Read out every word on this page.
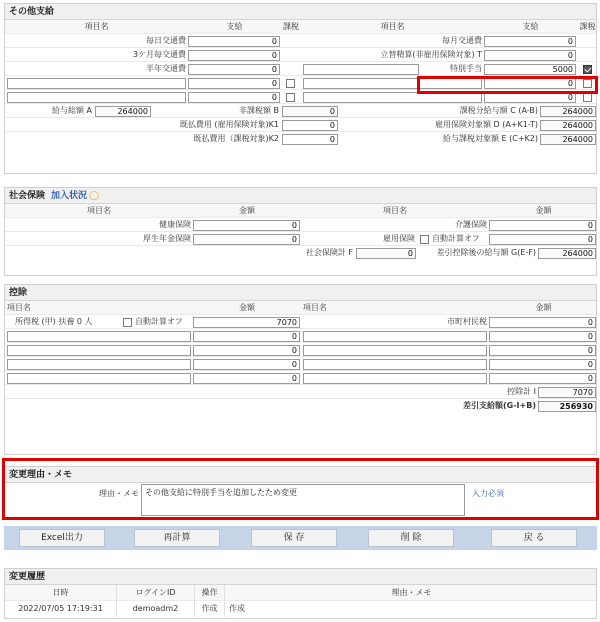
その他支給
項目名	支給	課税	項目名	支給	課税
毎日交通費	0	毎月交通費	0
3ケ月毎交通費	0	立替精算(非雇用保険対象) T	0
半年交通費	0	特別手当	5000
0	0
0	0
給与総額 A	264000	非課税額 B	0	課税分給与額 C (A-B)	264000
既払費用 (雇用保険対象)K1	0	雇用保険対象額 D (A+K1-T)	264000
既払費用（課税対象)K2	0	給与課税対象額 E (C+K2)	264000
社会保険 加入状況 ◯
項目名	金額	項目名	金額
健康保険	0	介護保険	0
厚生年金保険	0	雇用保険 自動計算オフ	0
社会保険計 F	0	差引控除後の給与額 G(E-F)	264000
控除
項目名	金額	項目名	金額
所得税 (甲) 扶養 0 人	自動計算オフ	7070	市町村民税	0
0	0
0	0
0	0
0	0
控除計 I	7070
差引支給額(G-I+B)	256930
変更理由・メモ
理由・メモ その他支給に特別手当を追加したため変更	入力必須
Excel出力	再計算	保 存	削 除	戻 る
変更履歴
日時	ログインID	操作	理由・メモ
2022/07/05 17:19:31	demoadm2	作成	作成
